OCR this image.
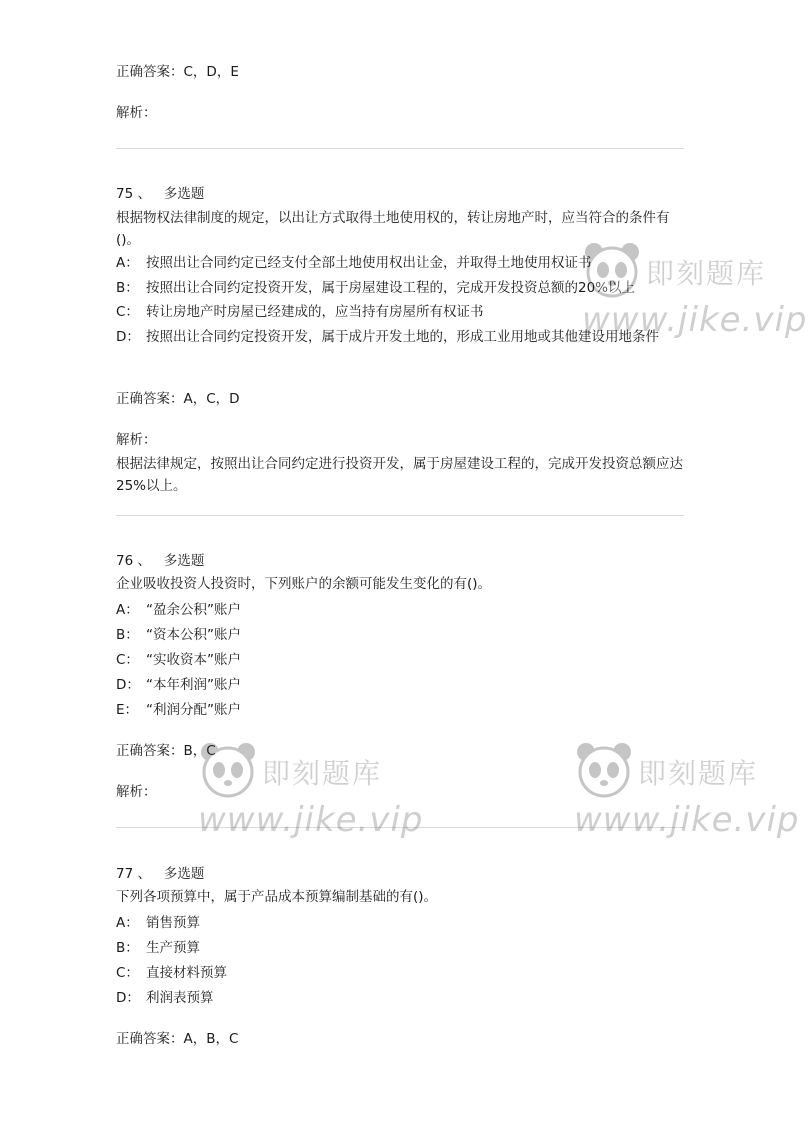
正确答案：C，D，E
解析：
75 、 多选题
根据物权法律制度的规定，以出让方式取得土地使用权的，转让房地产时，应当符合的条件有()。
A： 按照出让合同约定已经支付全部土地使用权出让金，并取得土地使用权证书
B： 按照出让合同约定投资开发，属于房屋建设工程的，完成开发投资总额的20%以上
C： 转让房地产时房屋已经建成的，应当持有房屋所有权证书
D： 按照出让合同约定投资开发，属于成片开发土地的，形成工业用地或其他建设用地条件
正确答案：A，C，D
解析：
根据法律规定，按照出让合同约定进行投资开发，属于房屋建设工程的，完成开发投资总额应达25%以上。
76 、 多选题
企业吸收投资人投资时，下列账户的余额可能发生变化的有()。
A： “盈余公积”账户
B： “资本公积”账户
C： “实收资本”账户
D： “本年利润”账户
E： “利润分配”账户
正确答案：B，C
解析：
77 、 多选题
下列各项预算中，属于产品成本预算编制基础的有()。
A： 销售预算
B： 生产预算
C： 直接材料预算
D： 利润表预算
正确答案：A，B，C
即刻题库
www.jike.vip
即刻题库
www.jike.vip
即刻题库
www.jike.vip
